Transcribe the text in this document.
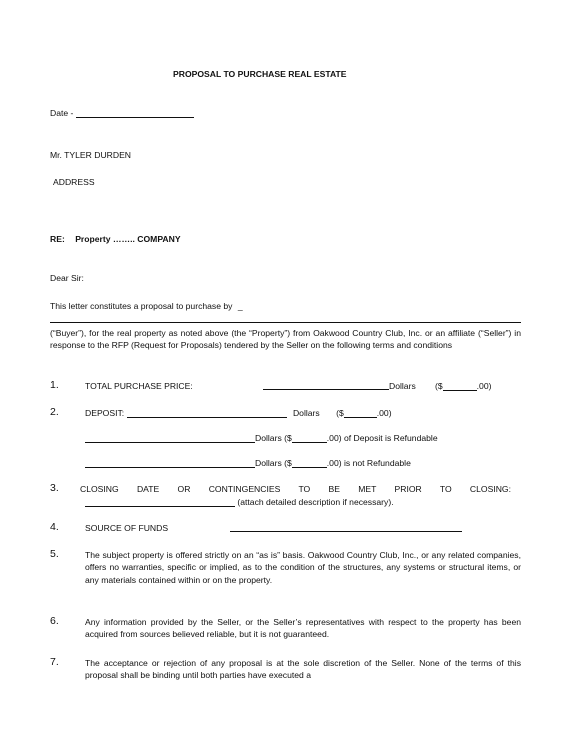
PROPOSAL TO PURCHASE REAL ESTATE
Date -
Mr. TYLER DURDEN
ADDRESS
RE: Property …….. COMPANY
Dear Sir:
This letter constitutes a proposal to purchase by _
(“Buyer”), for the real property as noted above (the “Property”) from Oakwood Country Club, Inc. or an affiliate (“Seller”) in response to the RFP (Request for Proposals) tendered by the Seller on the following terms and conditions
1.	TOTAL PURCHASE PRICE:	Dollars ($	.00)
2.	DEPOSIT:	Dollars ($	.00)
Dollars ($	.00) of Deposit is Refundable
Dollars ($	.00) is not Refundable
3. CLOSING DATE OR CONTINGENCIES TO BE MET PRIOR TO CLOSING:
(attach detailed description if necessary).
4.	SOURCE OF FUNDS
5.	The subject property is offered strictly on an “as is” basis. Oakwood Country Club, Inc., or any related companies, offers no warranties, specific or implied, as to the condition of the structures, any systems or structural items, or any materials contained within or on the property.
6.	Any information provided by the Seller, or the Seller’s representatives with respect to the property has been acquired from sources believed reliable, but it is not guaranteed.
7.	The acceptance or rejection of any proposal is at the sole discretion of the Seller. None of the terms of this proposal shall be binding until both parties have executed a
